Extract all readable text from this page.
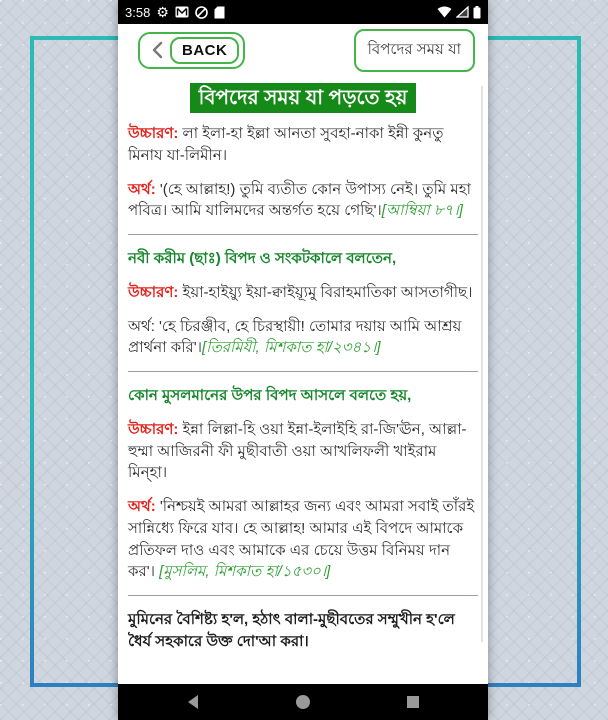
3:58 ⚙
BACK	বিপদের সময় যা
বিপদের সময় যা পড়তে হয়

উচ্চারণ: লা ইলা-হা ইল্লা আনতা সুবহা-নাকা ইন্নী কুনতু মিনায যা-লিমীন।

অর্থ: '(হে আল্লাহ!) তুমি ব্যতীত কোন উপাস্য নেই। তুমি মহা পবিত্র। আমি যালিমদের অন্তর্গত হয়ে গেছি'।[আম্বিয়া ৮৭।]

নবী করীম (ছাঃ) বিপদ ও সংকটকালে বলতেন,

উচ্চারণ: ইয়া-হাইয়্যু ইয়া-ক্বাইয়্যূমু বিরাহমাতিকা আসতাগীছ।

অর্থ: 'হে চিরঞ্জীব, হে চিরস্থায়ী! তোমার দয়ায় আমি আশ্রয় প্রার্থনা করি'।[তিরমিযী, মিশকাত হা/২৩৪১।]

কোন মুসলমানের উপর বিপদ আসলে বলতে হয়,

উচ্চারণ: ইন্না লিল্লা-হি ওয়া ইন্না-ইলাইহি রা-জি'ঊন, আল্লা-হুম্মা আজিরনী ফী মুছীবাতী ওয়া আখলিফলী খাইরাম মিন্হা।

অর্থ: 'নিশ্চয়ই আমরা আল্লাহর জন্য এবং আমরা সবাই তাঁরই সান্নিধ্যে ফিরে যাব। হে আল্লাহ! আমার এই বিপদে আমাকে প্রতিফল দাও এবং আমাকে এর চেয়ে উত্তম বিনিময় দান কর'। [মুসলিম, মিশকাত হা/১৫৩০।]

মুমিনের বৈশিষ্ট্য হ'ল, হঠাৎ বালা-মুছীবতের সম্মুখীন হ'লে ধৈর্য সহকারে উক্ত দো'আ করা।
